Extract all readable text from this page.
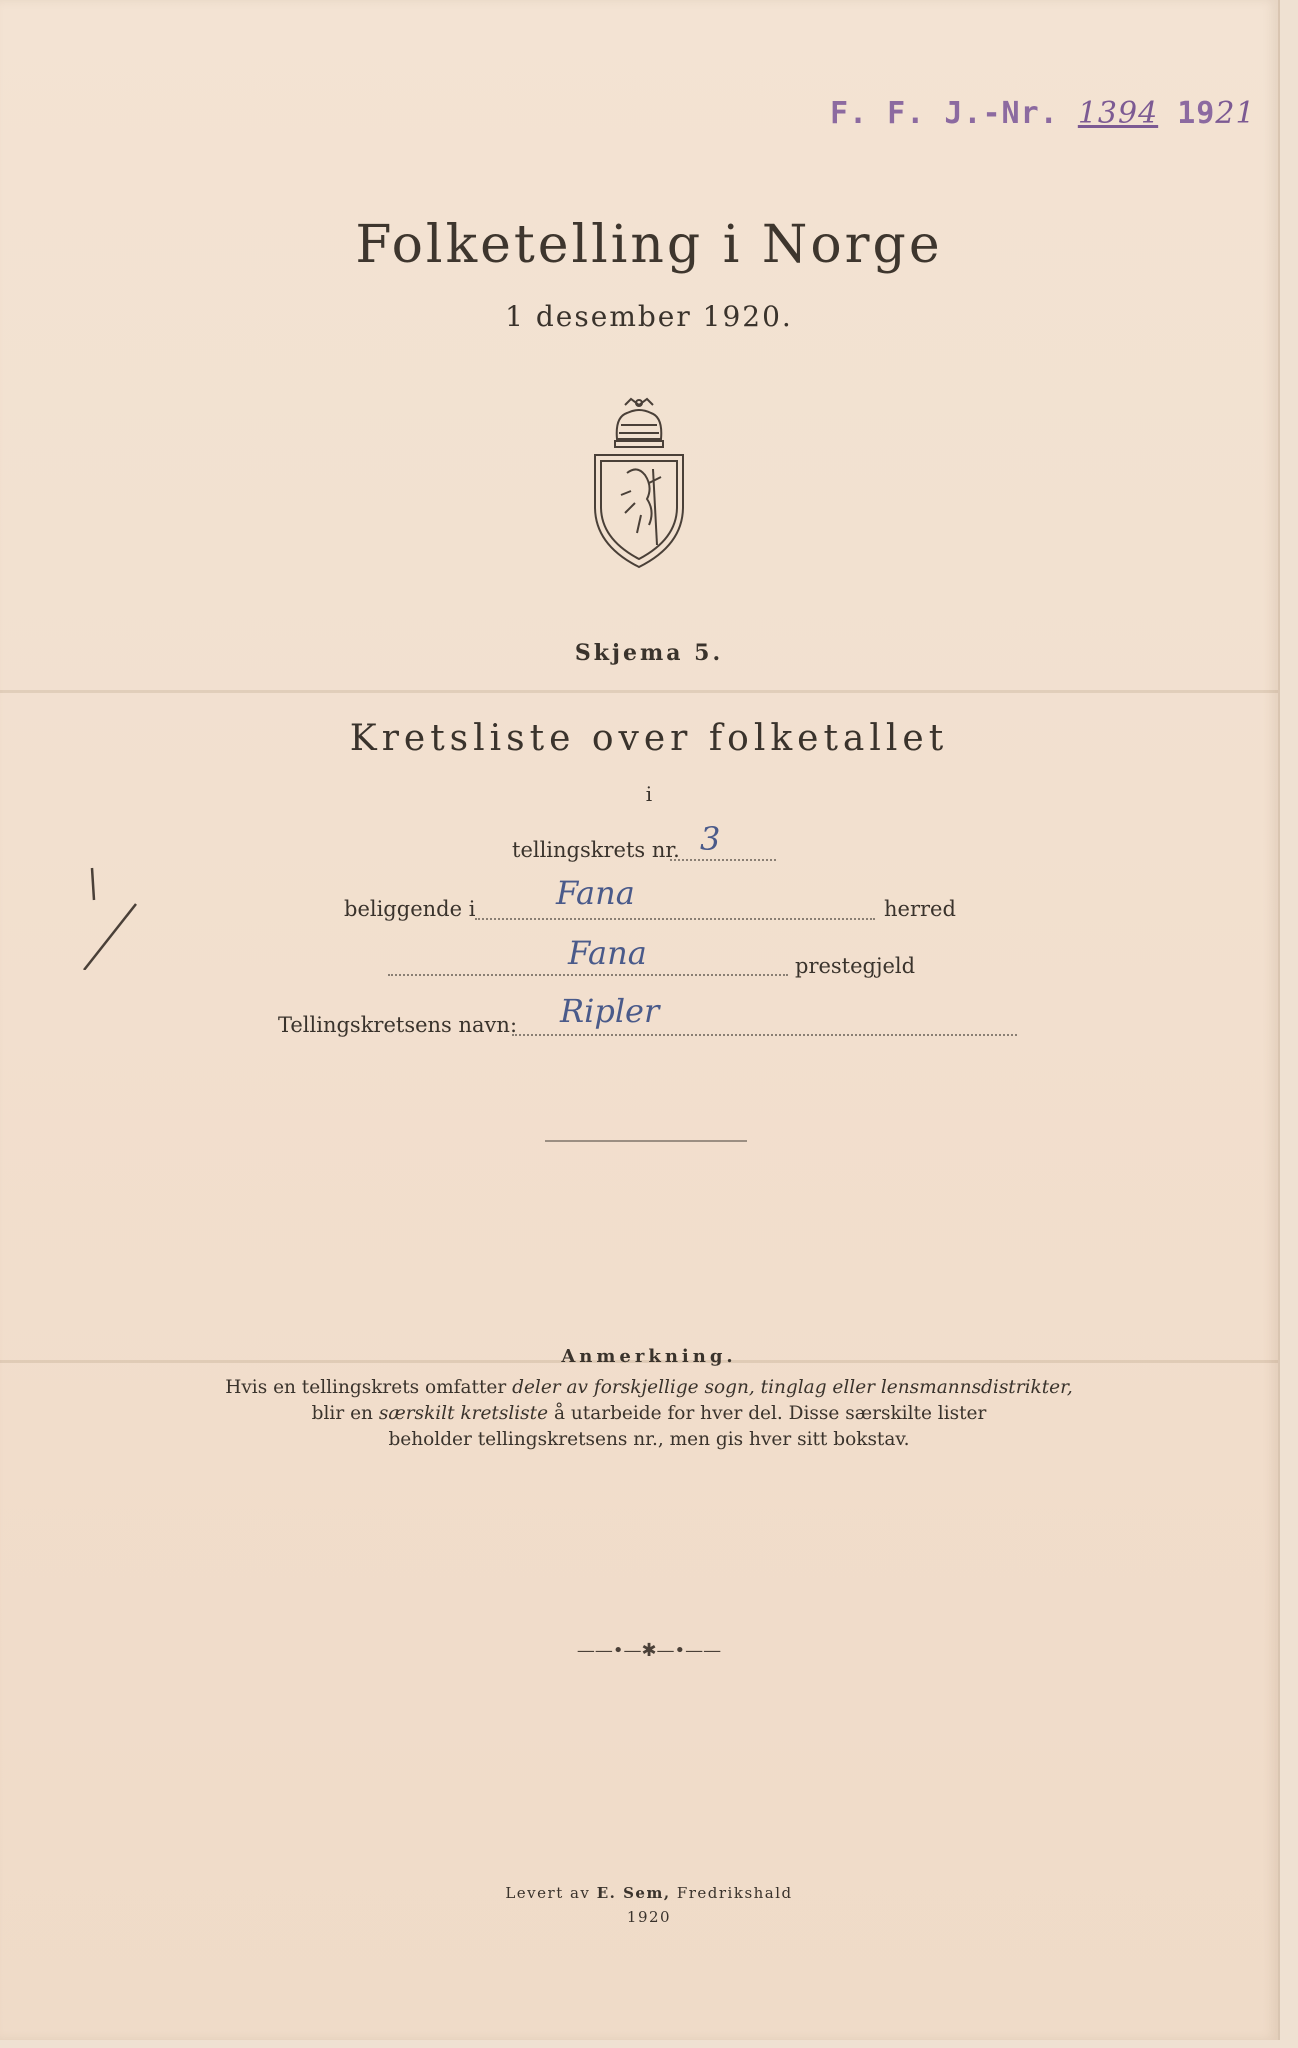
F. F. J.-Nr. 1394 1921
Folketelling i Norge
1 desember 1920.
Skjema 5.
Kretsliste over folketallet
i
tellingskrets nr. 3
beliggende i	Fana	herred
Fana	prestegjeld
Tellingskretsens navn: Ripler
Anmerkning.
Hvis en tellingskrets omfatter deler av forskjellige sogn, tinglag eller lensmannsdistrikter,
blir en særskilt kretsliste å utarbeide for hver del. Disse særskilte lister
beholder tellingskretsens nr., men gis hver sitt bokstav.
——•—✱—•——
Levert av E. Sem, Fredrikshald
1920
